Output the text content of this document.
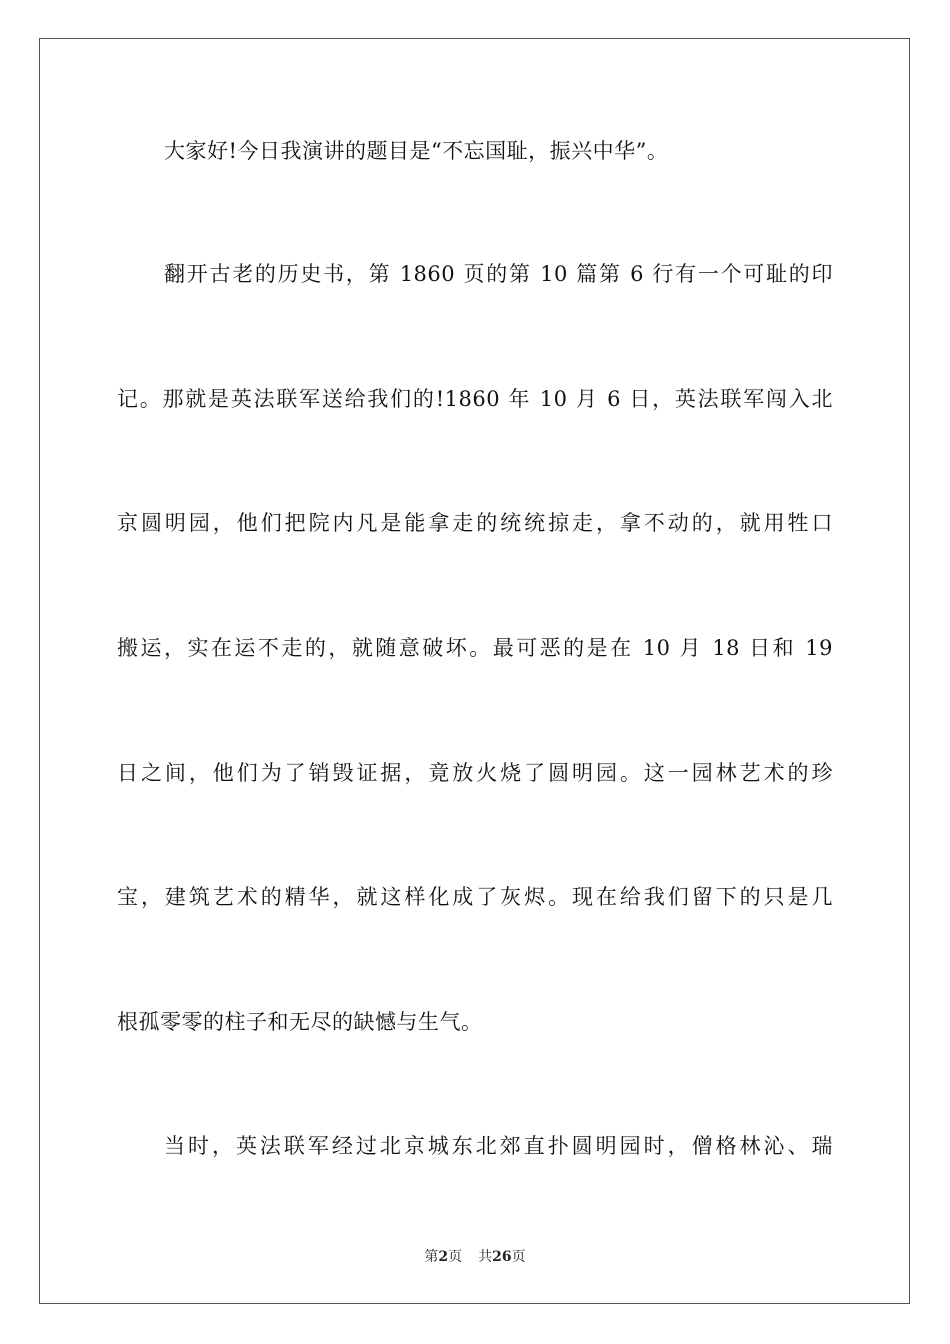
大家好!今日我演讲的题目是“不忘国耻，振兴中华”。
翻开古老的历史书，第 1860 页的第 10 篇第 6 行有一个可耻的印
记。那就是英法联军送给我们的!1860 年 10 月 6 日，英法联军闯入北
京圆明园，他们把院内凡是能拿走的统统掠走，拿不动的，就用牲口
搬运，实在运不走的，就随意破坏。最可恶的是在 10 月 18 日和 19
日之间，他们为了销毁证据，竟放火烧了圆明园。这一园林艺术的珍
宝，建筑艺术的精华，就这样化成了灰烬。现在给我们留下的只是几
根孤零零的柱子和无尽的缺憾与生气。
当时，英法联军经过北京城东北郊直扑圆明园时，僧格林沁、瑞
第2页 共26页
